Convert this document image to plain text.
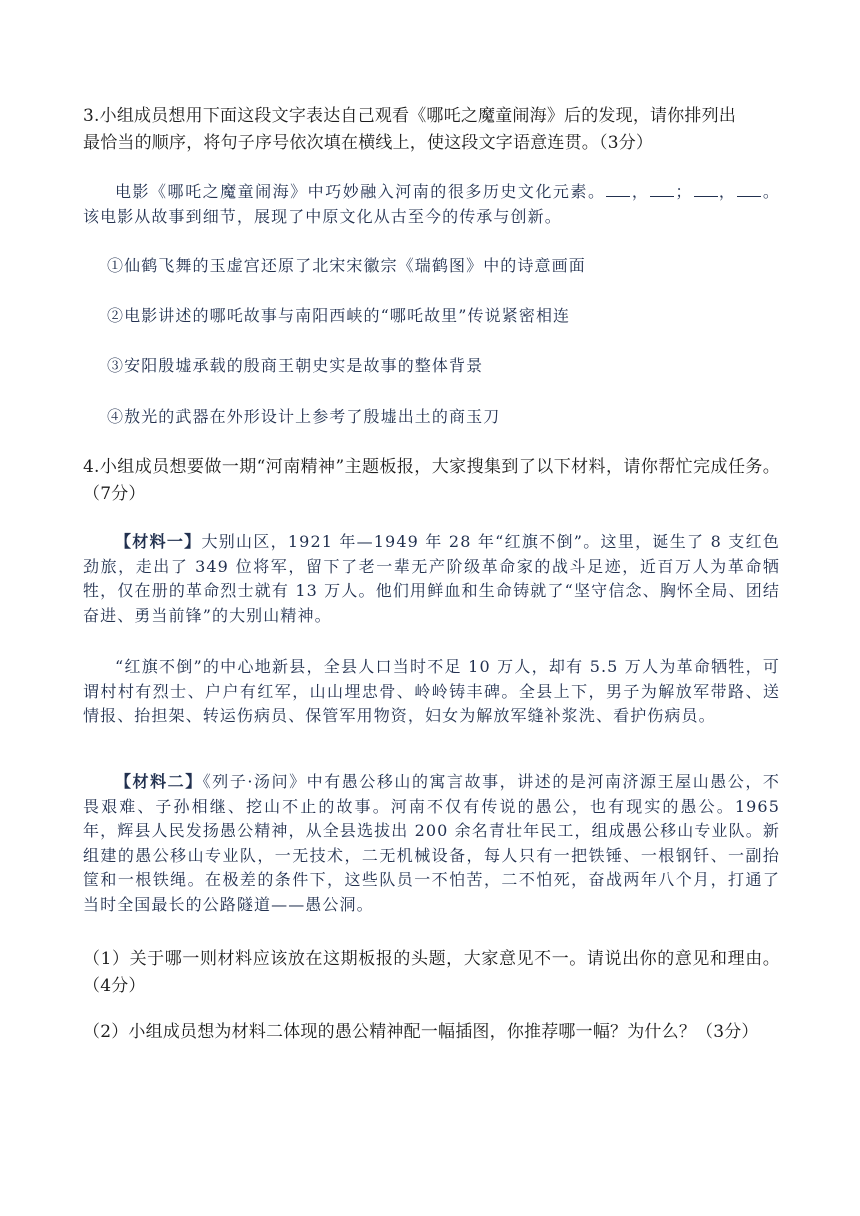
3.小组成员想用下面这段文字表达自己观看《哪吒之魔童闹海》后的发现，请你排列出
最恰当的顺序，将句子序号依次填在横线上，使这段文字语意连贯。（3分）

电影《哪吒之魔童闹海》中巧妙融入河南的很多历史文化元素。 ， ； ， 。该电影从故事到细节，展现了中原文化从古至今的传承与创新。

①仙鹤飞舞的玉虚宫还原了北宋宋徽宗《瑞鹤图》中的诗意画面

②电影讲述的哪吒故事与南阳西峡的“哪吒故里”传说紧密相连

③安阳殷墟承载的殷商王朝史实是故事的整体背景

④敖光的武器在外形设计上参考了殷墟出土的商玉刀

4.小组成员想要做一期“河南精神”主题板报，大家搜集到了以下材料，请你帮忙完成任务。（7分）

【材料一】大别山区，1921 年—1949 年 28 年“红旗不倒”。这里，诞生了 8 支红色劲旅，走出了 349 位将军，留下了老一辈无产阶级革命家的战斗足迹，近百万人为革命牺牲，仅在册的革命烈士就有 13 万人。他们用鲜血和生命铸就了“坚守信念、胸怀全局、团结奋进、勇当前锋”的大别山精神。

“红旗不倒”的中心地新县，全县人口当时不足 10 万人，却有 5.5 万人为革命牺牲，可谓村村有烈士、户户有红军，山山埋忠骨、岭岭铸丰碑。全县上下，男子为解放军带路、送情报、抬担架、转运伤病员、保管军用物资，妇女为解放军缝补浆洗、看护伤病员。

【材料二】《列子·汤问》中有愚公移山的寓言故事，讲述的是河南济源王屋山愚公，不畏艰难、子孙相继、挖山不止的故事。河南不仅有传说的愚公，也有现实的愚公。1965 年，辉县人民发扬愚公精神，从全县选拔出 200 余名青壮年民工，组成愚公移山专业队。新组建的愚公移山专业队，一无技术，二无机械设备，每人只有一把铁锤、一根钢钎、一副抬筐和一根铁绳。在极差的条件下，这些队员一不怕苦，二不怕死，奋战两年八个月，打通了当时全国最长的公路隧道——愚公洞。

（1）关于哪一则材料应该放在这期板报的头题，大家意见不一。请说出你的意见和理由。（4分）

（2）小组成员想为材料二体现的愚公精神配一幅插图，你推荐哪一幅？为什么？（3分）
